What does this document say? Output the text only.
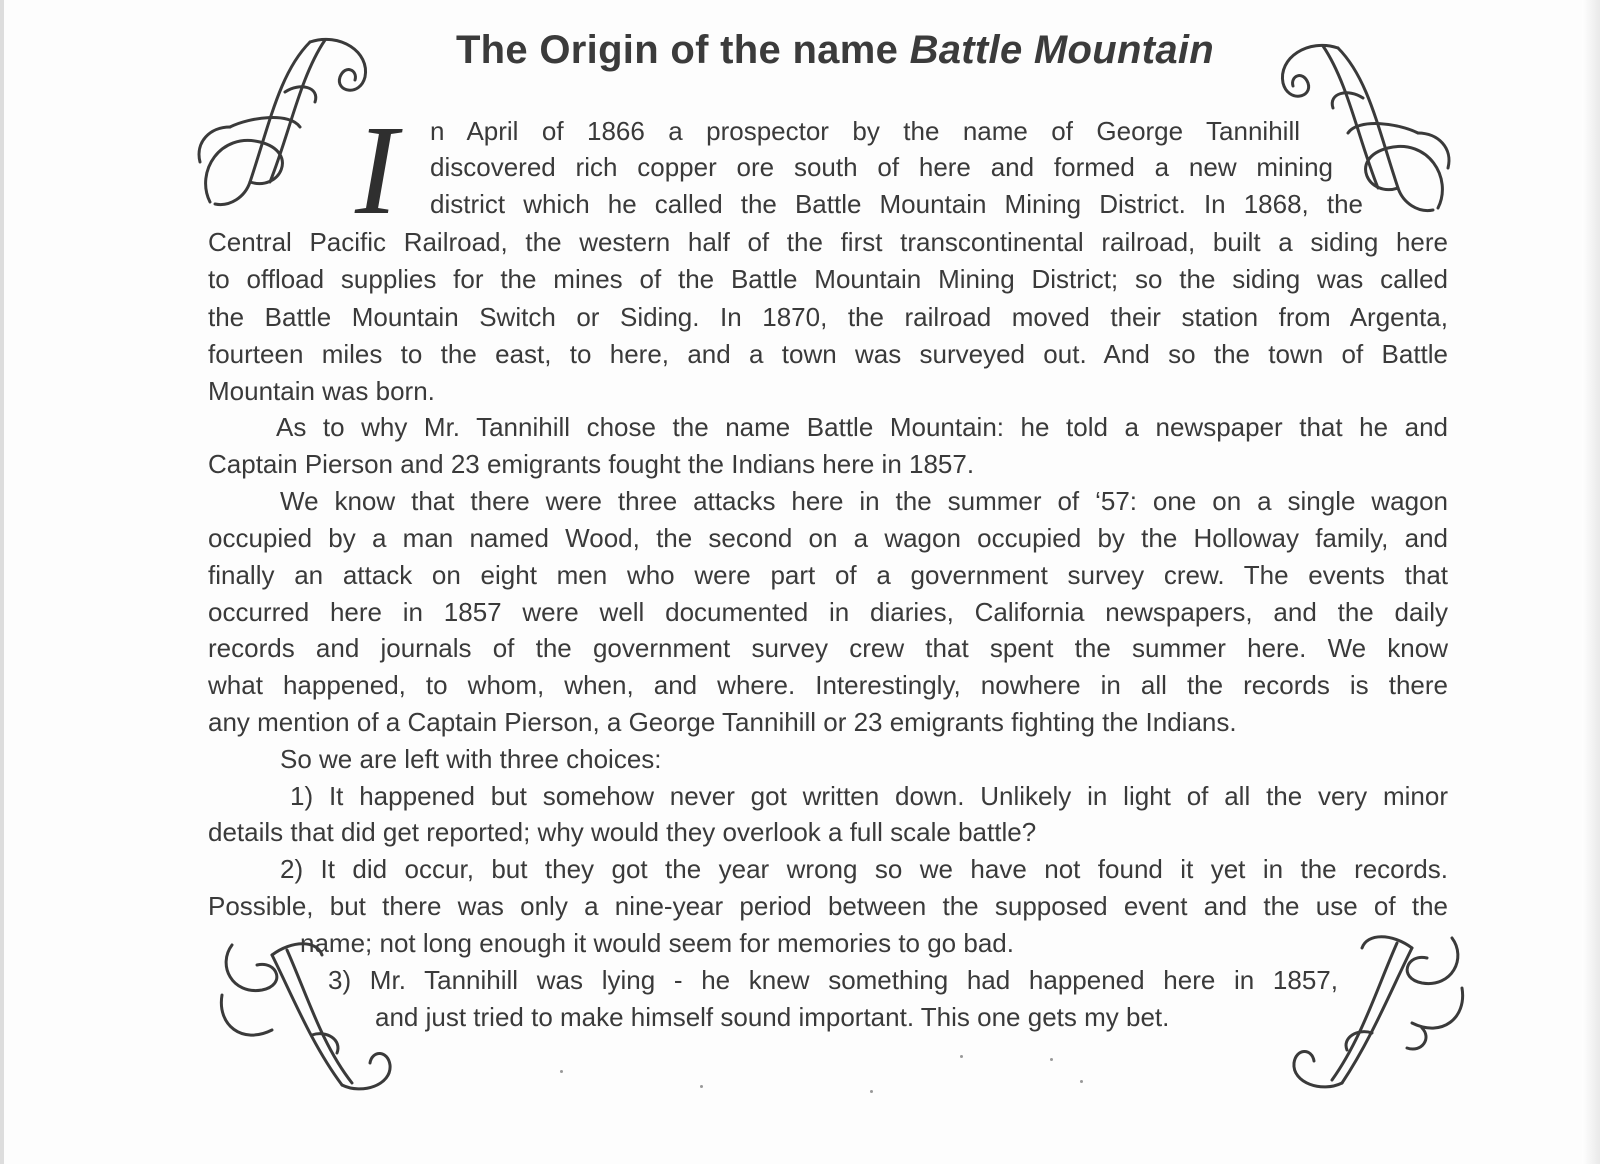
The Origin of the name Battle Mountain
I n April of 1866 a prospector by the name of George Tannihill
discovered rich copper ore south of here and formed a new mining
district which he called the Battle Mountain Mining District. In 1868, the
Central Pacific Railroad, the western half of the first transcontinental railroad, built a siding here
to offload supplies for the mines of the Battle Mountain Mining District; so the siding was called
the Battle Mountain Switch or Siding. In 1870, the railroad moved their station from Argenta,
fourteen miles to the east, to here, and a town was surveyed out. And so the town of Battle
Mountain was born.
As to why Mr. Tannihill chose the name Battle Mountain: he told a newspaper that he and
Captain Pierson and 23 emigrants fought the Indians here in 1857.
We know that there were three attacks here in the summer of ‘57: one on a single wagon
occupied by a man named Wood, the second on a wagon occupied by the Holloway family, and
finally an attack on eight men who were part of a government survey crew. The events that
occurred here in 1857 were well documented in diaries, California newspapers, and the daily
records and journals of the government survey crew that spent the summer here. We know
what happened, to whom, when, and where. Interestingly, nowhere in all the records is there
any mention of a Captain Pierson, a George Tannihill or 23 emigrants fighting the Indians.
So we are left with three choices:
1) It happened but somehow never got written down. Unlikely in light of all the very minor
details that did get reported; why would they overlook a full scale battle?
2) It did occur, but they got the year wrong so we have not found it yet in the records.
Possible, but there was only a nine-year period between the supposed event and the use of the
name; not long enough it would seem for memories to go bad.
3) Mr. Tannihill was lying - he knew something had happened here in 1857,
and just tried to make himself sound important. This one gets my bet.
